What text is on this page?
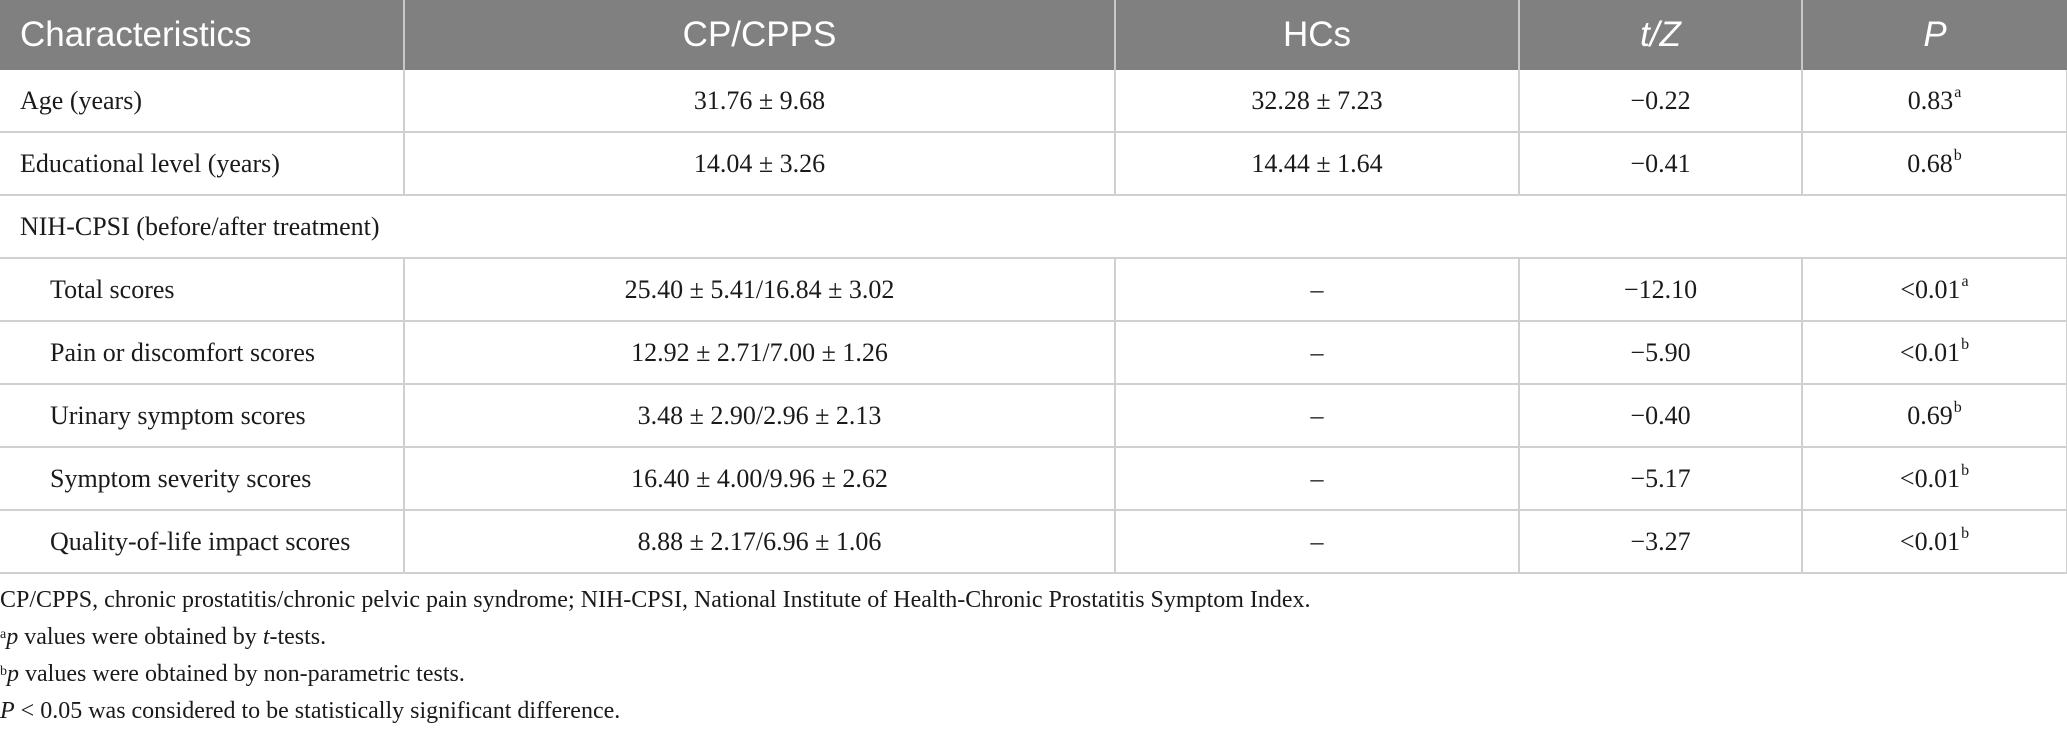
Characteristics	CP/CPPS	HCs	t/Z	P
Age (years)	31.76 ± 9.68	32.28 ± 7.23	−0.22	0.83$^a$
Educational level (years)	14.04 ± 3.26	14.44 ± 1.64	−0.41	0.68$^b$
NIH-CPSI (before/after treatment)				
Total scores	25.40 ± 5.41/16.84 ± 3.02	–	−12.10	<0.01$^a$
Pain or discomfort scores	12.92 ± 2.71/7.00 ± 1.26	–	−5.90	<0.01$^b$
Urinary symptom scores	3.48 ± 2.90/2.96 ± 2.13	–	−0.40	0.69$^b$
Symptom severity scores	16.40 ± 4.00/9.96 ± 2.62	–	−5.17	<0.01$^b$
Quality-of-life impact scores	8.88 ± 2.17/6.96 ± 1.06	–	−3.27	<0.01$^b$

CP/CPPS, chronic prostatitis/chronic pelvic pain syndrome; NIH-CPSI, National Institute of Health-Chronic Prostatitis Symptom Index.

$^a$p values were obtained by t-tests.

$^b$p values were obtained by non-parametric tests.

P < 0.05 was considered to be statistically significant difference.
